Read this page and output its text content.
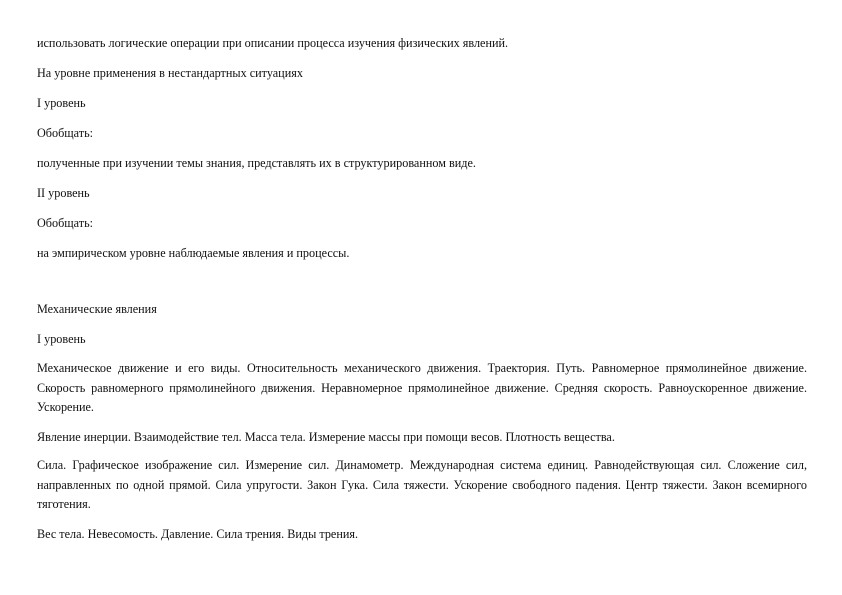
использовать логические операции при описании процесса изучения физических явлений.
На уровне применения в нестандартных ситуациях
I уровень
Обобщать:
полученные при изучении темы знания, представлять их в структурированном виде.
II уровень
Обобщать:
на эмпирическом уровне наблюдаемые явления и процессы.
Механические явления
I уровень
Механическое движение и его виды. Относительность механического движения. Траектория. Путь. Равномерное прямолинейное движение. Скорость равномерного прямолинейного движения. Неравномерное прямолинейное движение. Средняя скорость. Равноускоренное движение. Ускорение.
Явление инерции. Взаимодействие тел. Масса тела. Измерение массы при помощи весов. Плотность вещества.
Сила. Графическое изображение сил. Измерение сил. Динамометр. Международная система единиц. Равнодействующая сил. Сложение сил, направленных по одной прямой. Сила упругости. Закон Гука. Сила тяжести. Ускорение свободного падения. Центр тяжести. Закон всемирного тяготения.
Вес тела. Невесомость. Давление. Сила трения. Виды трения.
